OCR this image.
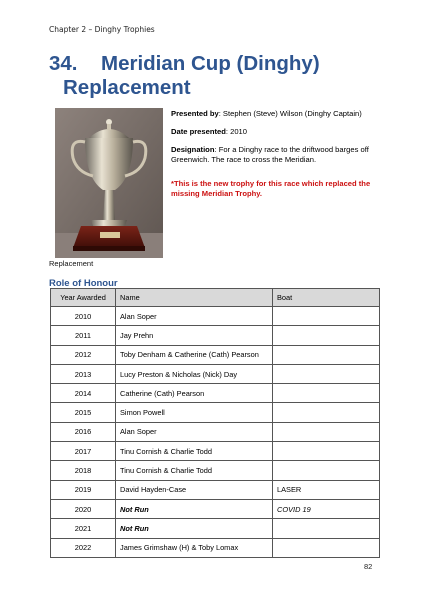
Chapter 2 – Dinghy Trophies
34. Meridian Cup (Dinghy)
Replacement
Replacement

Presented by: Stephen (Steve) Wilson (Dinghy Captain)

Date presented: 2010

Designation: For a Dinghy race to the driftwood barges off Greenwich. The race to cross the Meridian.

*This is the new trophy for this race which replaced the missing Meridian Trophy.

Role of Honour
Year Awarded	Name	Boat
2010	Alan Soper	
2011	Jay Prehn	
2012	Toby Denham & Catherine (Cath) Pearson	
2013	Lucy Preston & Nicholas (Nick) Day	
2014	Catherine (Cath) Pearson	
2015	Simon Powell	
2016	Alan Soper	
2017	Tinu Cornish & Charlie Todd	
2018	Tinu Cornish & Charlie Todd	
2019	David Hayden-Case	LASER
2020	Not Run	COVID 19
2021	Not Run	
2022	James Grimshaw (H) & Toby Lomax	
82
